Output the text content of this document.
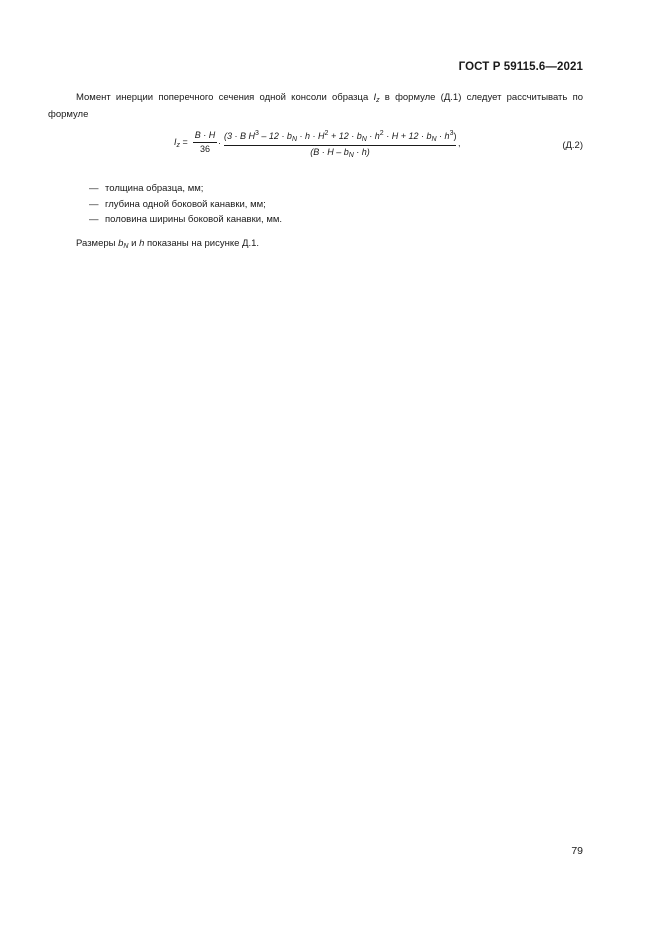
ГОСТ Р 59115.6—2021
Момент инерции поперечного сечения одной консоли образца $I_z$ в формуле (Д.1) следует рассчитывать по формуле
$I_z$ =
B · H
36
·
(3 · B $H^3 - 12 \cdot b_N \cdot h \cdot H^2 + 12 \cdot b_N \cdot h^2 \cdot H + 12 \cdot b_N \cdot h^3$)
$(B \cdot H - b_N \cdot h)$
,	(Д.2)
— толщина образца, мм;
— глубина одной боковой канавки, мм;
— половина ширины боковой канавки, мм.
Размеры $b_N$ и h показаны на рисунке Д.1.
79
